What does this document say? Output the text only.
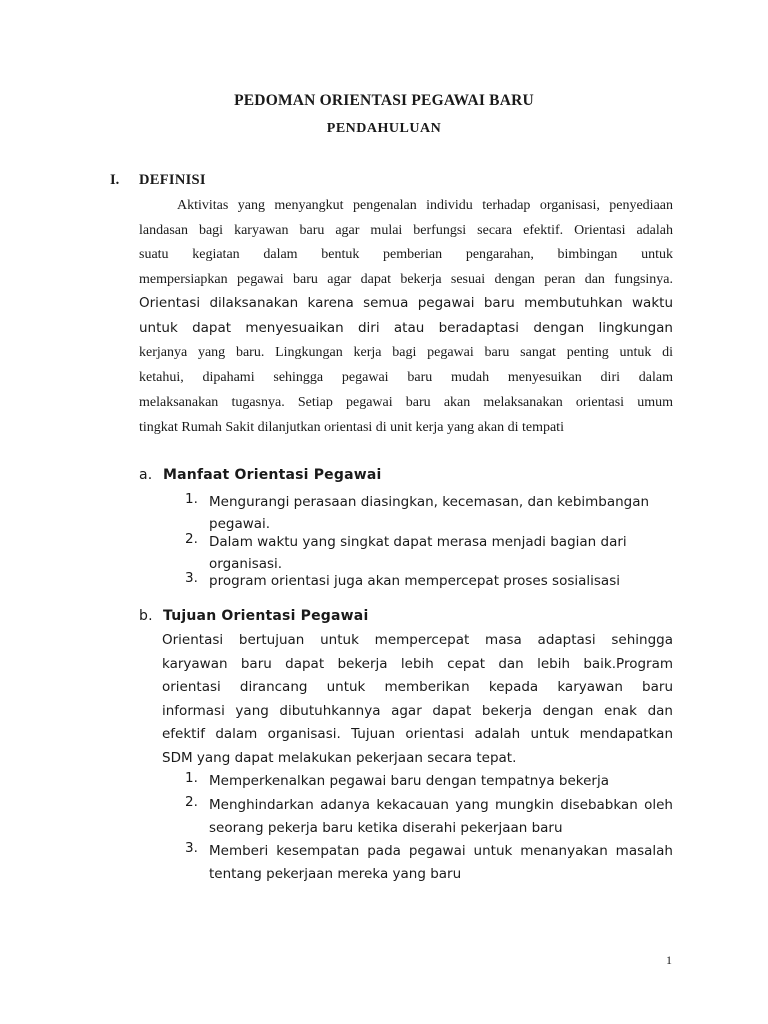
PEDOMAN ORIENTASI PEGAWAI BARU
PENDAHULUAN
I. DEFINISI
Aktivitas yang menyangkut pengenalan individu terhadap organisasi, penyediaan
landasan bagi karyawan baru agar mulai berfungsi secara efektif. Orientasi adalah
suatu kegiatan dalam bentuk pemberian pengarahan, bimbingan untuk
mempersiapkan pegawai baru agar dapat bekerja sesuai dengan peran dan fungsinya.
Orientasi dilaksanakan karena semua pegawai baru membutuhkan waktu
untuk dapat menyesuaikan diri atau beradaptasi dengan lingkungan
kerjanya yang baru. Lingkungan kerja bagi pegawai baru sangat penting untuk di
ketahui, dipahami sehingga pegawai baru mudah menyesuikan diri dalam
melaksanakan tugasnya. Setiap pegawai baru akan melaksanakan orientasi umum
tingkat Rumah Sakit dilanjutkan orientasi di unit kerja yang akan di tempati
a. Manfaat Orientasi Pegawai
1. Mengurangi perasaan diasingkan, kecemasan, dan kebimbangan pegawai.
2. Dalam waktu yang singkat dapat merasa menjadi bagian dari organisasi.
3. program orientasi juga akan mempercepat proses sosialisasi
b. Tujuan Orientasi Pegawai
Orientasi bertujuan untuk mempercepat masa adaptasi sehingga
karyawan baru dapat bekerja lebih cepat dan lebih baik.Program
orientasi dirancang untuk memberikan kepada karyawan baru
informasi yang dibutuhkannya agar dapat bekerja dengan enak dan
efektif dalam organisasi. Tujuan orientasi adalah untuk mendapatkan
SDM yang dapat melakukan pekerjaan secara tepat.
1. Memperkenalkan pegawai baru dengan tempatnya bekerja
2. Menghindarkan adanya kekacauan yang mungkin disebabkan oleh seorang pekerja baru ketika diserahi pekerjaan baru
3. Memberi kesempatan pada pegawai untuk menanyakan masalah tentang pekerjaan mereka yang baru
1
